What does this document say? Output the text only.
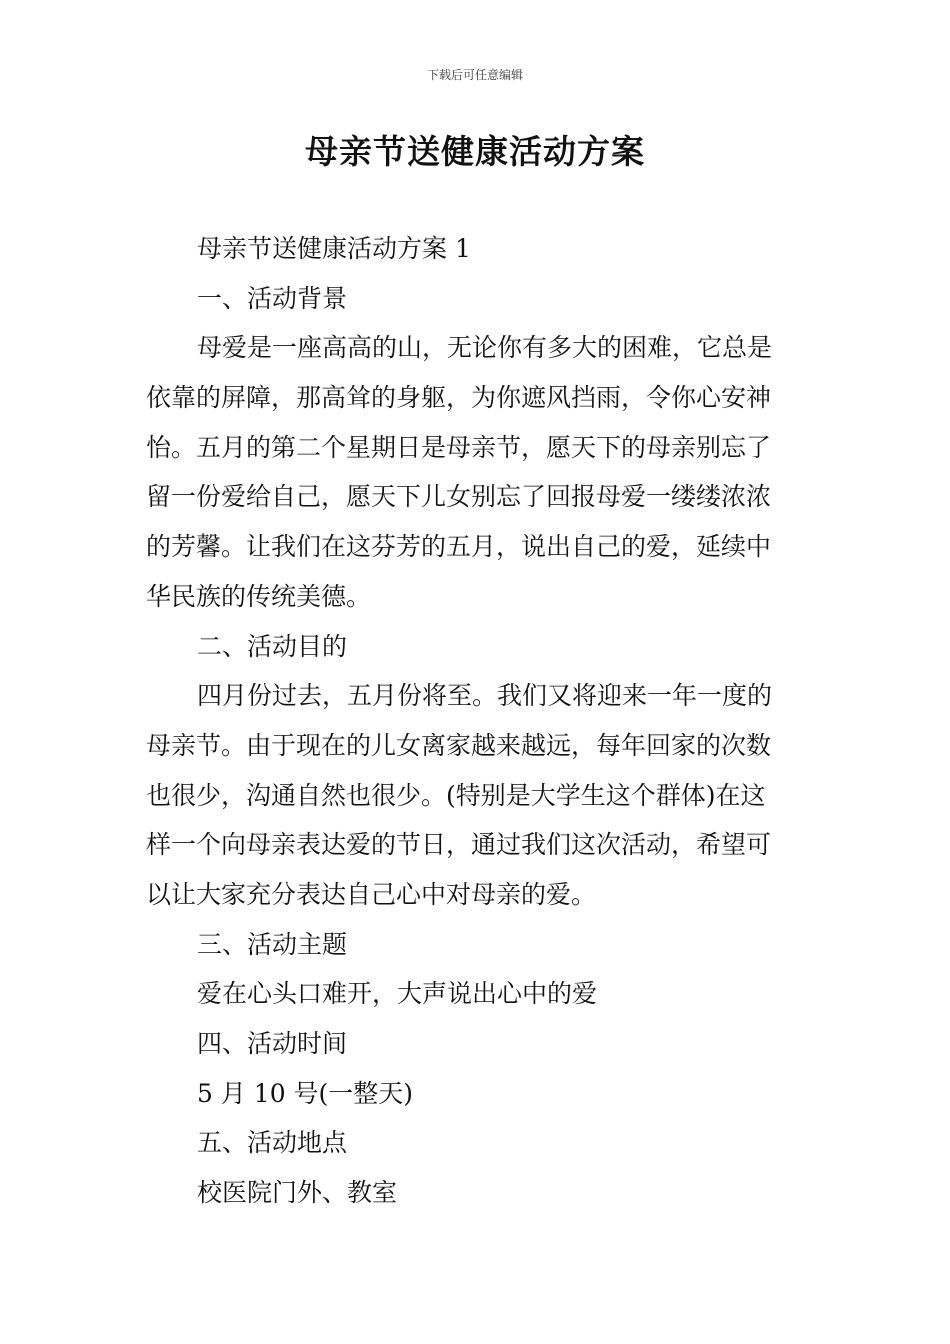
下载后可任意编辑
母亲节送健康活动方案
母亲节送健康活动方案 1
一、活动背景
母爱是一座高高的山，无论你有多大的困难，它总是
依靠的屏障，那高耸的身躯，为你遮风挡雨，令你心安神
怡。五月的第二个星期日是母亲节，愿天下的母亲别忘了
留一份爱给自己，愿天下儿女别忘了回报母爱一缕缕浓浓
的芳馨。让我们在这芬芳的五月，说出自己的爱，延续中
华民族的传统美德。
二、活动目的
四月份过去，五月份将至。我们又将迎来一年一度的
母亲节。由于现在的儿女离家越来越远，每年回家的次数
也很少，沟通自然也很少。(特别是大学生这个群体)在这
样一个向母亲表达爱的节日，通过我们这次活动，希望可
以让大家充分表达自己心中对母亲的爱。
三、活动主题
爱在心头口难开，大声说出心中的爱
四、活动时间
5 月 10 号(一整天)
五、活动地点
校医院门外、教室
